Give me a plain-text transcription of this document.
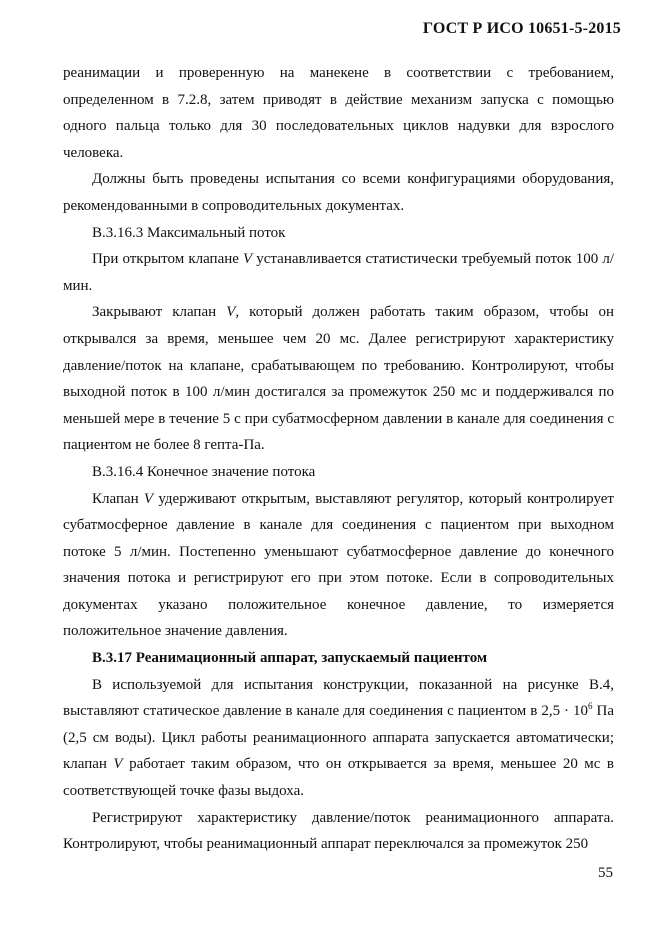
ГОСТ Р ИСО 10651-5-2015

реанимации и проверенную на манекене в соответствии с требованием, определенном в 7.2.8, затем приводят в действие механизм запуска с помощью одного пальца только для 30 последовательных циклов надувки для взрослого человека.

Должны быть проведены испытания со всеми конфигурациями оборудования, рекомендованными в сопроводительных документах.

В.3.16.3 Максимальный поток

При открытом клапане V устанавливается статистически требуемый поток 100 л/мин.

Закрывают клапан V, который должен работать таким образом, чтобы он открывался за время, меньшее чем 20 мс. Далее регистрируют характеристику давление/поток на клапане, срабатывающем по требованию. Контролируют, чтобы выходной поток в 100 л/мин достигался за промежуток 250 мс и поддерживался по меньшей мере в течение 5 с при субатмосферном давлении в канале для соединения с пациентом не более 8 гепта-Па.

В.3.16.4 Конечное значение потока

Клапан V удерживают открытым, выставляют регулятор, который контролирует субатмосферное давление в канале для соединения с пациентом при выходном потоке 5 л/мин. Постепенно уменьшают субатмосферное давление до конечного значения потока и регистрируют его при этом потоке. Если в сопроводительных документах указано положительное конечное давление, то измеряется положительное значение давления.

В.3.17 Реанимационный аппарат, запускаемый пациентом

В используемой для испытания конструкции, показанной на рисунке В.4, выставляют статическое давление в канале для соединения с пациентом в $2,5 \cdot 10^6$ Па (2,5 см воды). Цикл работы реанимационного аппарата запускается автоматически; клапан V работает таким образом, что он открывается за время, меньшее 20 мс в соответствующей точке фазы выдоха.

Регистрируют характеристику давление/поток реанимационного аппарата. Контролируют, чтобы реанимационный аппарат переключался за промежуток 250

55
